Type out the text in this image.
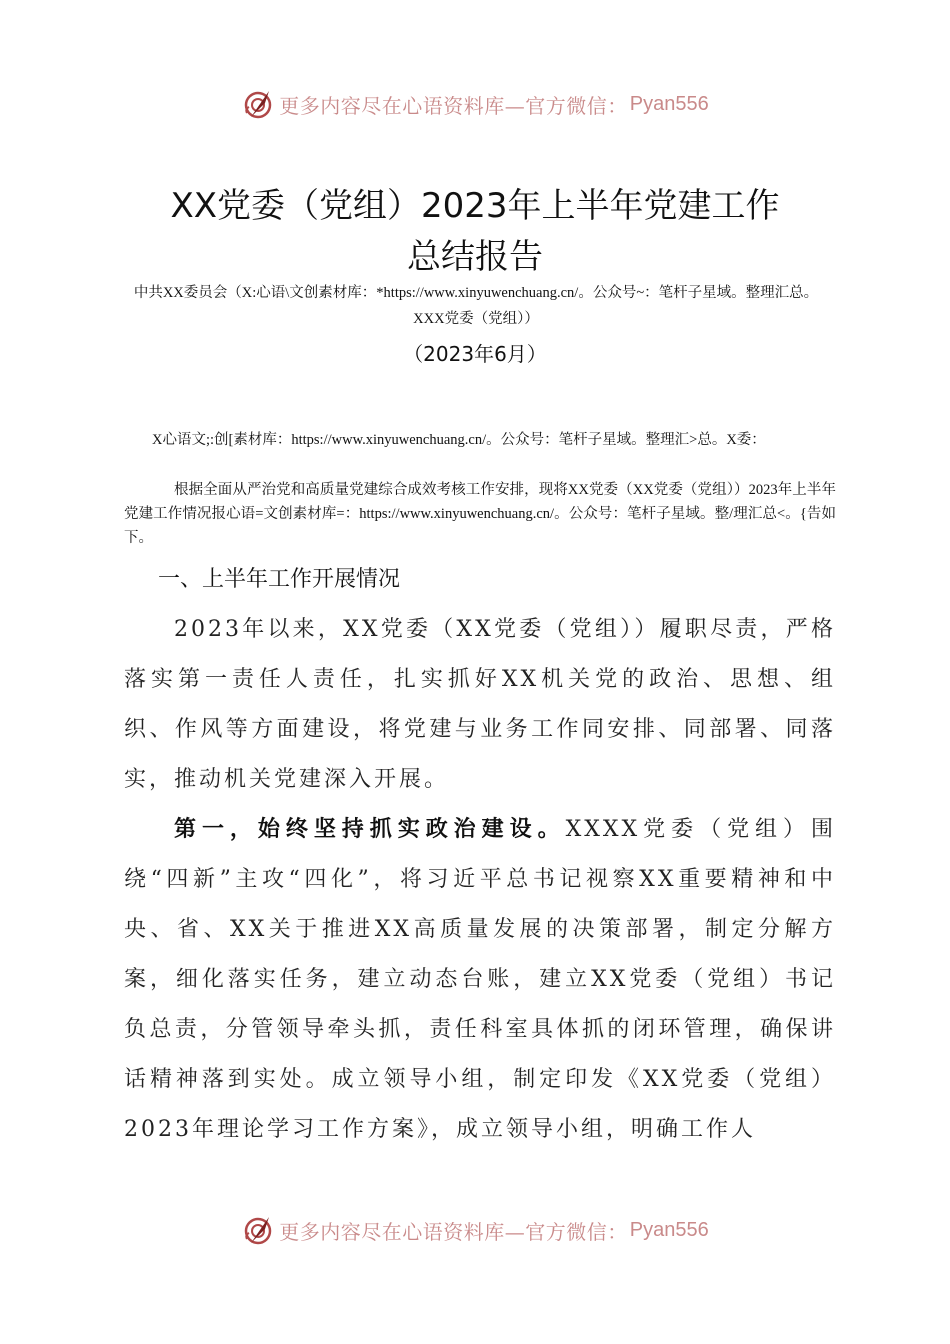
更多内容尽在心语资料库—官方微信： Pyan556
XX党委（党组）2023年上半年党建工作
总结报告
中共XX委员会（X:心语\文创素材库：*https://www.xinyuwenchuang.cn/。公众号~：笔杆子星域。整理汇总。XXX党委（党组））
（2023年6月）
X心语文;:创[素材库：https://www.xinyuwenchuang.cn/。公众号：笔杆子星域。整理汇>总。X委：
根据全面从严治党和高质量党建综合成效考核工作安排，现将XX党委（XX党委（党组））2023年上半年党建工作情况报心语=文创素材库=：https://www.xinyuwenchuang.cn/。公众号：笔杆子星域。整/理汇总<。{告如下。
一、上半年工作开展情况
2023年以来，XX党委（XX党委（党组））履职尽责，严格落实第一责任人责任，扎实抓好XX机关党的政治、思想、组织、作风等方面建设，将党建与业务工作同安排、同部署、同落实，推动机关党建深入开展。
第一，始终坚持抓实政治建设。XXXX党委（党组）围绕“四新”主攻“四化”，将习近平总书记视察XX重要精神和中央、省、XX关于推进XX高质量发展的决策部署，制定分解方案，细化落实任务，建立动态台账，建立XX党委（党组）书记负总责，分管领导牵头抓，责任科室具体抓的闭环管理，确保讲话精神落到实处。成立领导小组，制定印发《XX党委（党组）2023年理论学习工作方案》，成立领导小组，明确工作人
更多内容尽在心语资料库—官方微信： Pyan556
